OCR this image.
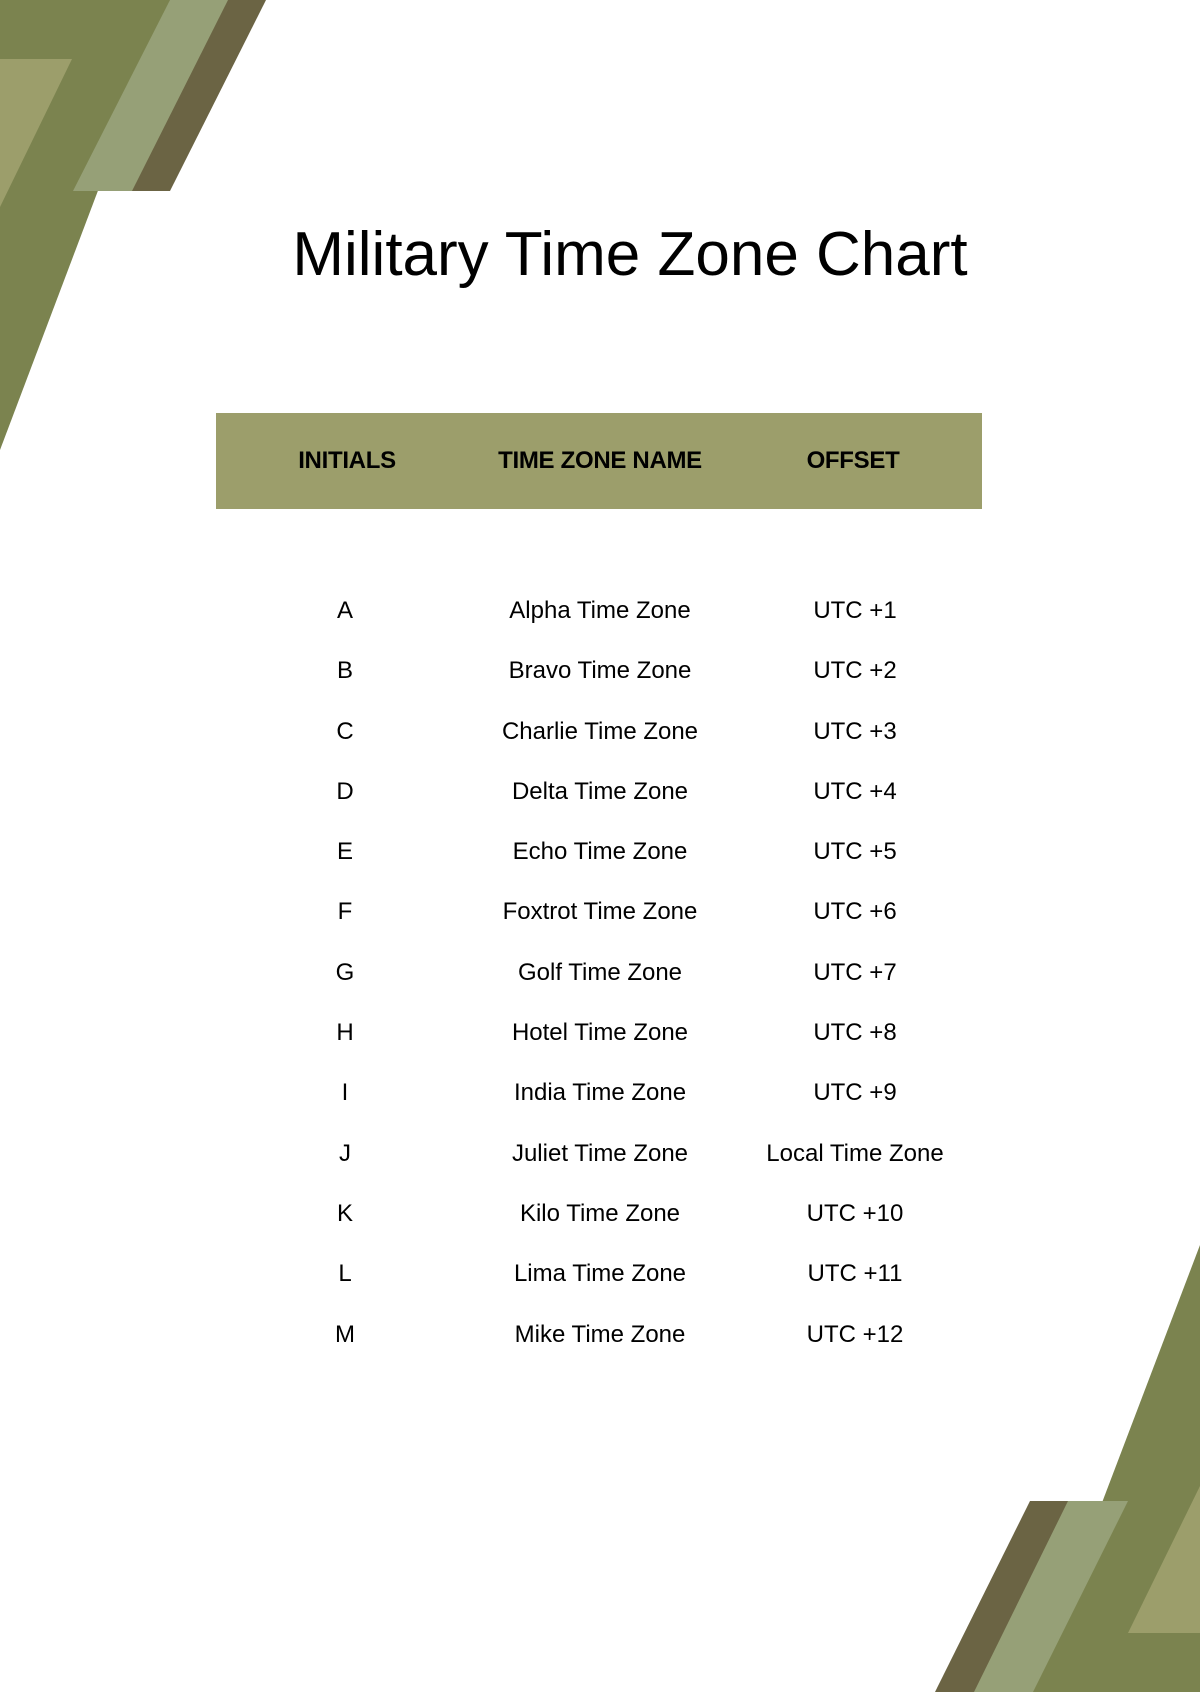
Military Time Zone Chart
INITIALS	TIME ZONE NAME	OFFSET
A	Alpha Time Zone	UTC +1
B	Bravo Time Zone	UTC +2
C	Charlie Time Zone	UTC +3
D	Delta Time Zone	UTC +4
E	Echo Time Zone	UTC +5
F	Foxtrot Time Zone	UTC +6
G	Golf Time Zone	UTC +7
H	Hotel Time Zone	UTC +8
I	India Time Zone	UTC +9
J	Juliet Time Zone	Local Time Zone
K	Kilo Time Zone	UTC +10
L	Lima Time Zone	UTC +11
M	Mike Time Zone	UTC +12
